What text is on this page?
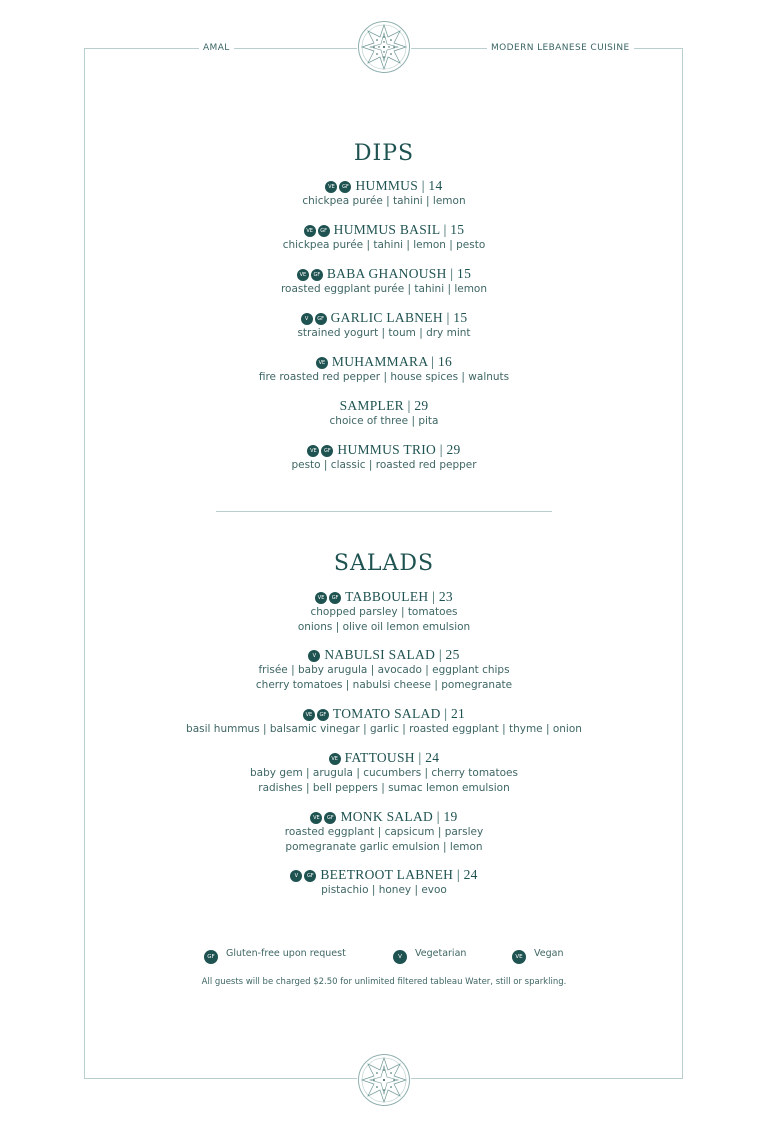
AMAL	MODERN LEBANESE CUISINE
DIPS
VE GF HUMMUS | 14
chickpea purée | tahini | lemon
VE GF HUMMUS BASIL | 15
chickpea purée | tahini | lemon | pesto
VE GF BABA GHANOUSH | 15
roasted eggplant purée | tahini | lemon
V GF GARLIC LABNEH | 15
strained yogurt | toum | dry mint
VE MUHAMMARA | 16
fire roasted red pepper | house spices | walnuts
SAMPLER | 29
choice of three | pita
VE GF HUMMUS TRIO | 29
pesto | classic | roasted red pepper
SALADS
VE GF TABBOULEH | 23
chopped parsley | tomatoes
onions | olive oil lemon emulsion
V NABULSI SALAD | 25
frisée | baby arugula | avocado | eggplant chips
cherry tomatoes | nabulsi cheese | pomegranate
VE GF TOMATO SALAD | 21
basil hummus | balsamic vinegar | garlic | roasted eggplant | thyme | onion
VE FATTOUSH | 24
baby gem | arugula | cucumbers | cherry tomatoes
radishes | bell peppers | sumac lemon emulsion
VE GF MONK SALAD | 19
roasted eggplant | capsicum | parsley
pomegranate garlic emulsion | lemon
V GF BEETROOT LABNEH | 24
pistachio | honey | evoo
GF Gluten-free upon request	V Vegetarian	VE Vegan
All guests will be charged $2.50 for unlimited filtered tableau Water, still or sparkling.
